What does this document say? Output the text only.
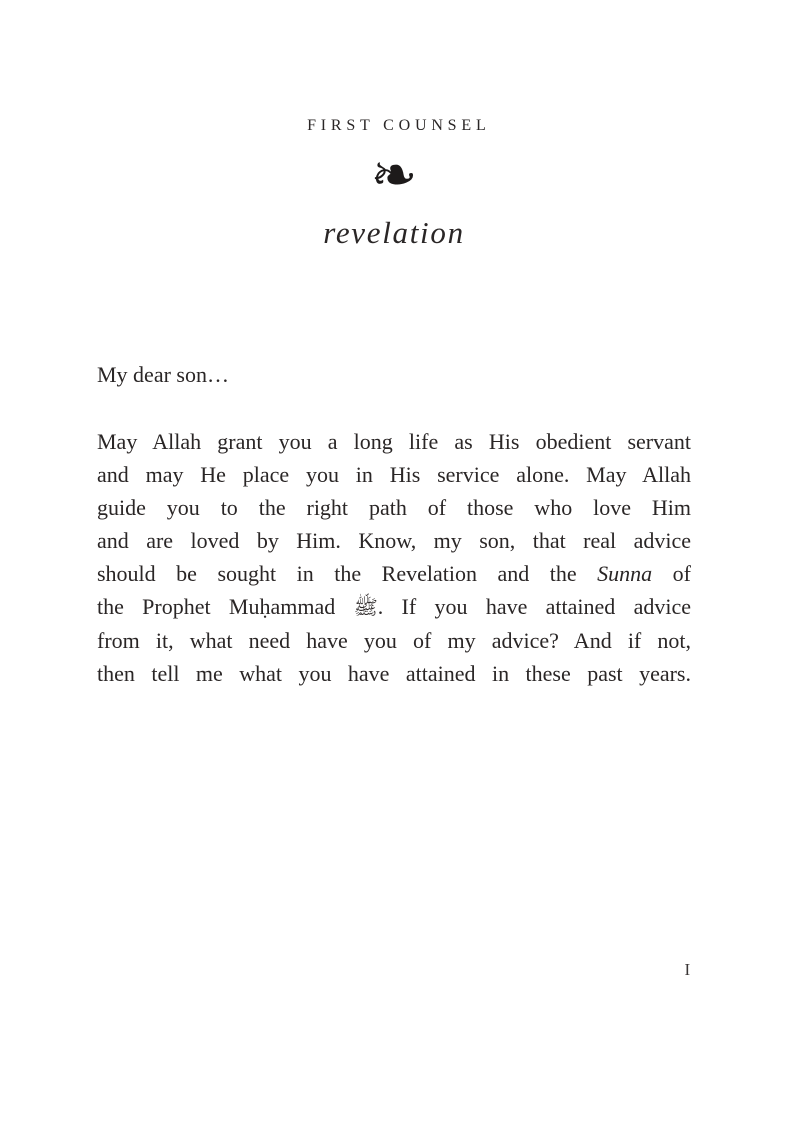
FIRST COUNSEL
❧
revelation
My dear son…
May Allah grant you a long life as His obedient servant
and may He place you in His service alone. May Allah
guide you to the right path of those who love Him
and are loved by Him. Know, my son, that real advice
should be sought in the Revelation and the Sunna of
the Prophet Muḥammad ﷺ. If you have attained advice
from it, what need have you of my advice? And if not,
then tell me what you have attained in these past years.
I
